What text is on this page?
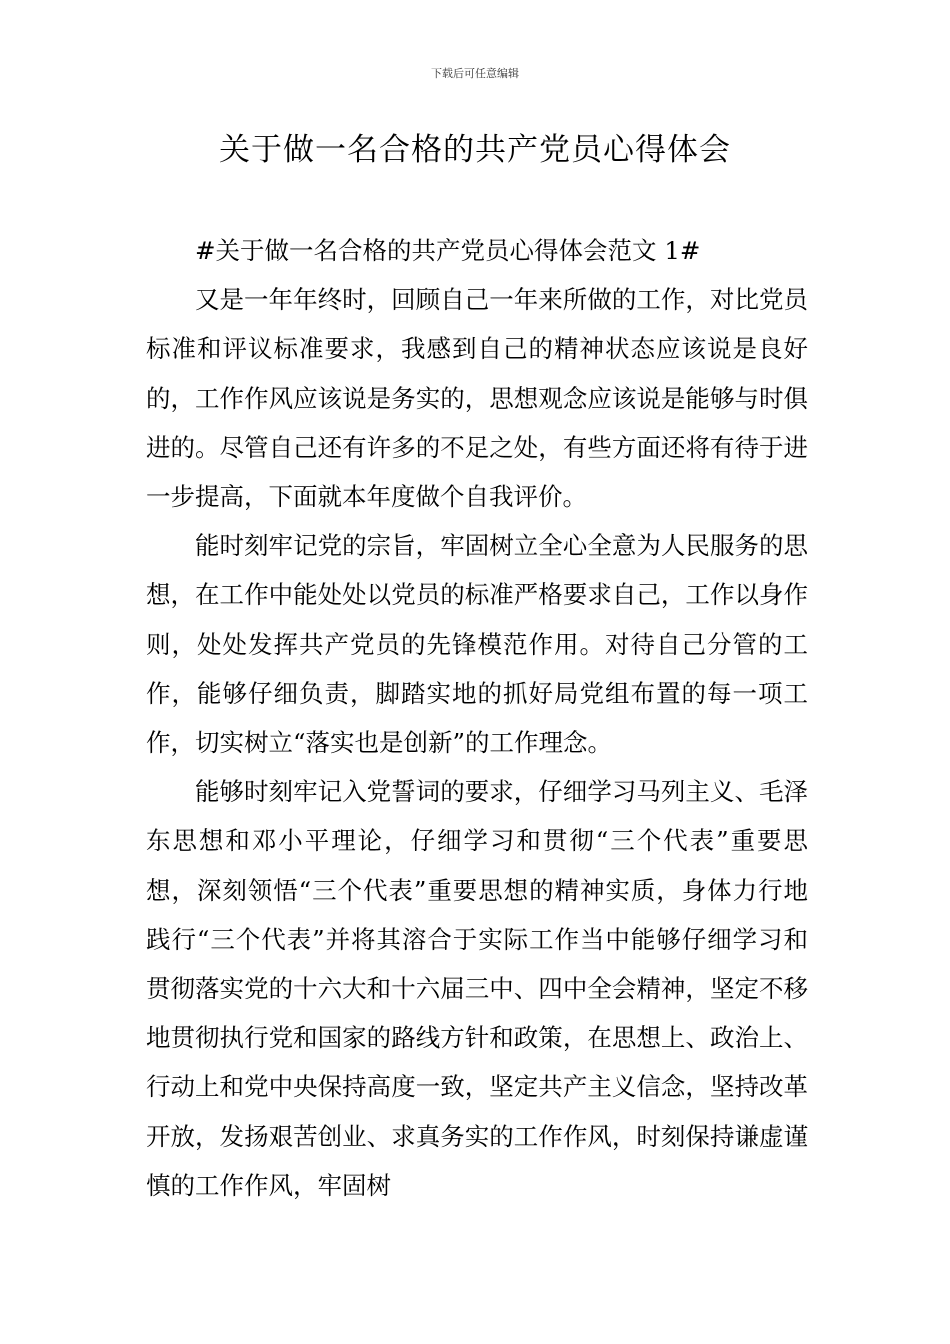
下载后可任意编辑
关于做一名合格的共产党员心得体会

#关于做一名合格的共产党员心得体会范文 1#

又是一年年终时，回顾自己一年来所做的工作，对比党员标准和评议标准要求，我感到自己的精神状态应该说是良好的，工作作风应该说是务实的，思想观念应该说是能够与时俱进的。尽管自己还有许多的不足之处，有些方面还将有待于进一步提高，下面就本年度做个自我评价。

能时刻牢记党的宗旨，牢固树立全心全意为人民服务的思想，在工作中能处处以党员的标准严格要求自己，工作以身作则，处处发挥共产党员的先锋模范作用。对待自己分管的工作，能够仔细负责，脚踏实地的抓好局党组布置的每一项工作，切实树立“落实也是创新”的工作理念。

能够时刻牢记入党誓词的要求，仔细学习马列主义、毛泽东思想和邓小平理论，仔细学习和贯彻“三个代表”重要思想，深刻领悟“三个代表”重要思想的精神实质，身体力行地践行“三个代表”并将其溶合于实际工作当中能够仔细学习和贯彻落实党的十六大和十六届三中、四中全会精神，坚定不移地贯彻执行党和国家的路线方针和政策，在思想上、政治上、行动上和党中央保持高度一致，坚定共产主义信念，坚持改革开放，发扬艰苦创业、求真务实的工作作风，时刻保持谦虚谨慎的工作作风，牢固树
